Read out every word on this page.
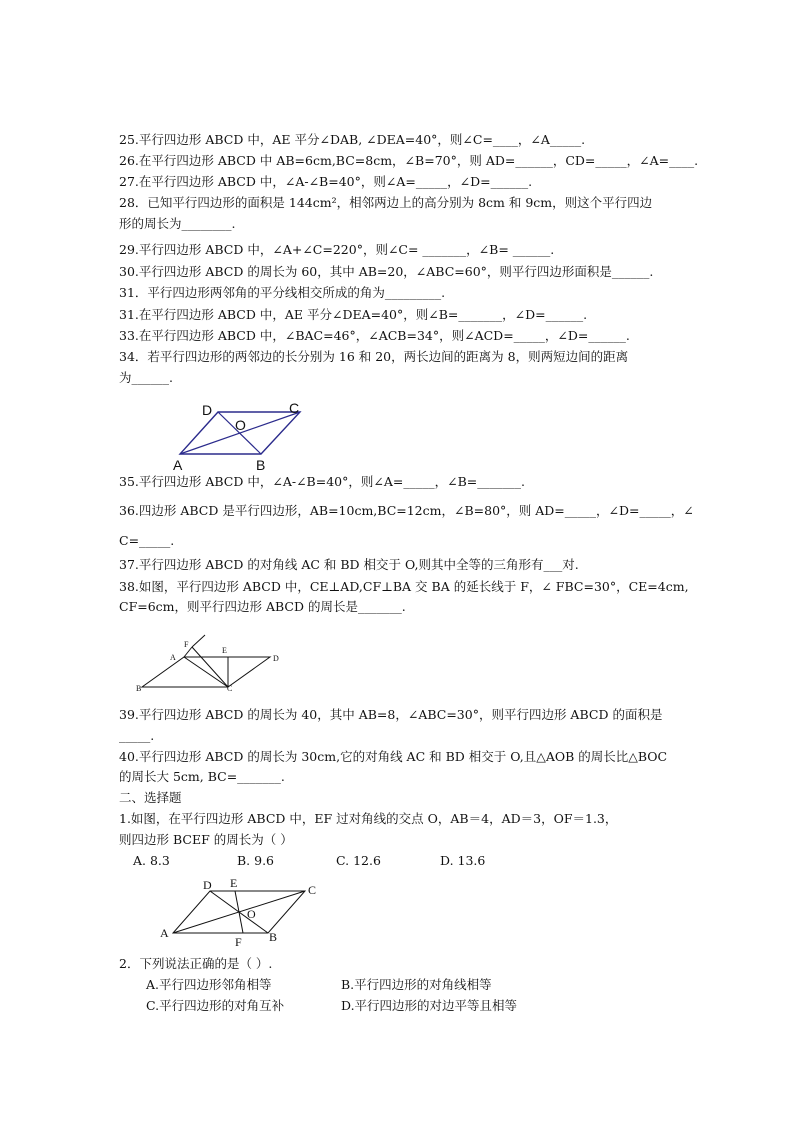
25.平行四边形 ABCD 中，AE 平分∠DAB, ∠DEA=40°，则∠C=____，∠A_____.
26.在平行四边形 ABCD 中 AB=6cm,BC=8cm，∠B=70°，则 AD=______，CD=_____，∠A=____.
27.在平行四边形 ABCD 中，∠A-∠B=40°，则∠A=_____，∠D=______.
28．已知平行四边形的面积是 144cm²，相邻两边上的高分别为 8cm 和 9cm，则这个平行四边
形的周长为________.
29.平行四边形 ABCD 中，∠A+∠C=220°，则∠C= _______，∠B= ______.
30.平行四边形 ABCD 的周长为 60，其中 AB=20，∠ABC=60°，则平行四边形面积是______.
31．平行四边形两邻角的平分线相交所成的角为_________.
31.在平行四边形 ABCD 中，AE 平分∠DEA=40°，则∠B=_______，∠D=______.
33.在平行四边形 ABCD 中，∠BAC=46°，∠ACB=34°，则∠ACD=_____，∠D=______.
34．若平行四边形的两邻边的长分别为 16 和 20，两长边间的距离为 8，则两短边间的距离
为______.
D	C
O
A	B
35.平行四边形 ABCD 中，∠A-∠B=40°，则∠A=_____，∠B=_______.
36.四边形 ABCD 是平行四边形，AB=10cm,BC=12cm，∠B=80°，则 AD=_____，∠D=_____，∠
C=_____.
37.平行四边形 ABCD 的对角线 AC 和 BD 相交于 O,则其中全等的三角形有___对.
38.如图，平行四边形 ABCD 中，CE⊥AD,CF⊥BA 交 BA 的延长线于 F，∠ FBC=30°，CE=4cm,
CF=6cm，则平行四边形 ABCD 的周长是_______.
F
A
E
D
B	C
39.平行四边形 ABCD 的周长为 40，其中 AB=8，∠ABC=30°，则平行四边形 ABCD 的面积是
_____.
40.平行四边形 ABCD 的周长为 30cm,它的对角线 AC 和 BD 相交于 O,且△AOB 的周长比△BOC
的周长大 5cm, BC=_______.
二、选择题
1.如图，在平行四边形 ABCD 中，EF 过对角线的交点 O，AB＝4，AD＝3，OF＝1.3，
则四边形 BCEF 的周长为（ ）
A. 8.3	B. 9.6	C. 12.6	D. 13.6
D E	C
O
A	B
F
2．下列说法正确的是（ ）.
A.平行四边形邻角相等	B.平行四边形的对角线相等
C.平行四边形的对角互补	D.平行四边形的对边平等且相等
